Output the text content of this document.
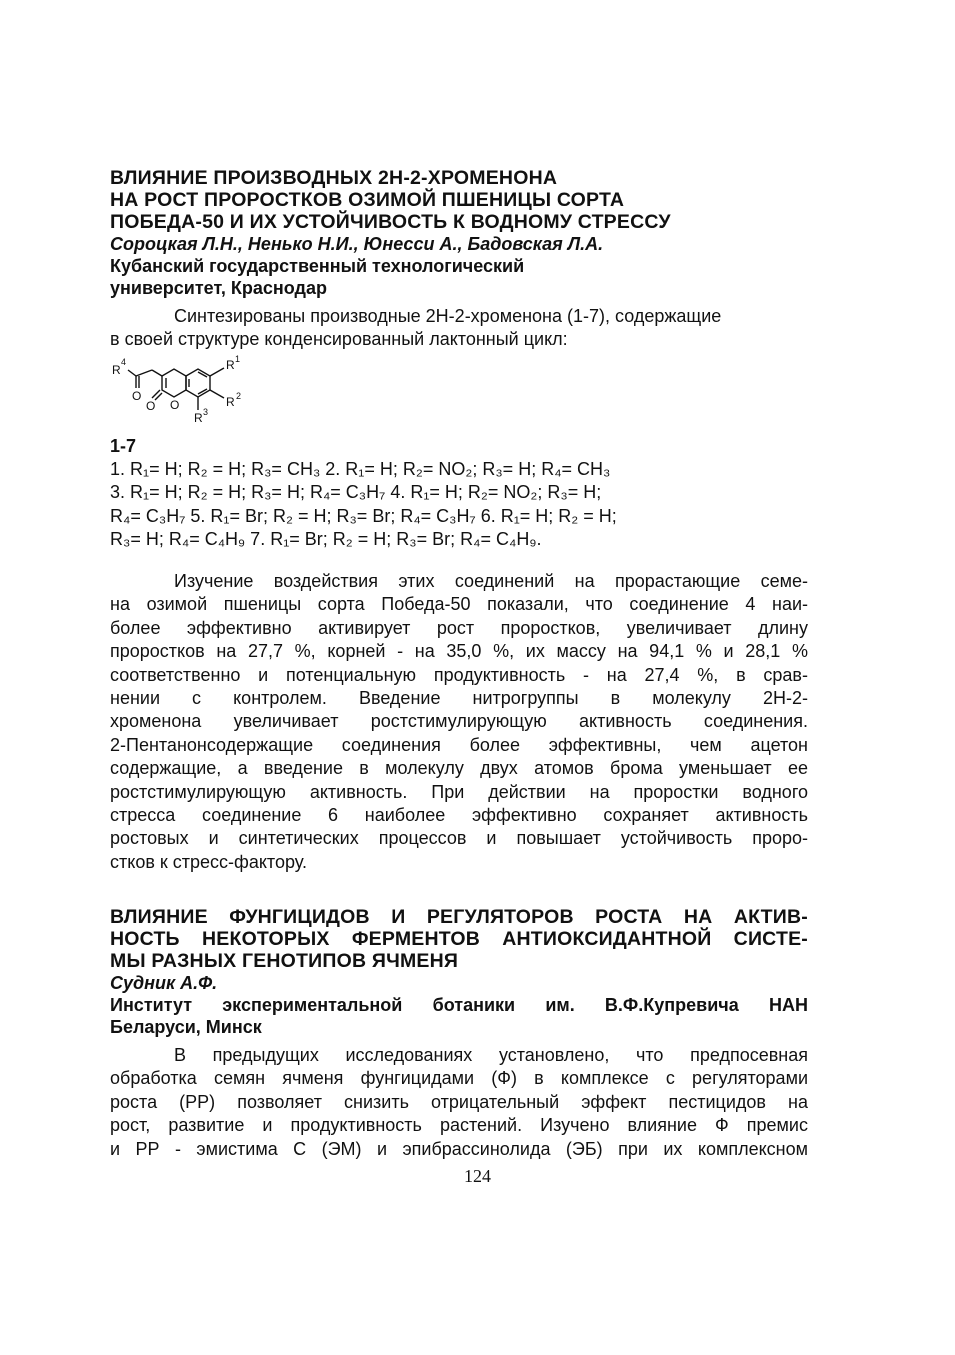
ВЛИЯНИЕ ПРОИЗВОДНЫХ 2Н-2-ХРОМЕНОНА
НА РОСТ ПРОРОСТКОВ ОЗИМОЙ ПШЕНИЦЫ СОРТА
ПОБЕДА-50 И ИХ УСТОЙЧИВОСТЬ К ВОДНОМУ СТРЕССУ
Сороцкая Л.Н., Ненько Н.И., Юнесси А., Бадовская Л.А.
Кубанский государственный технологический
университет, Краснодар
Синтезированы производные 2Н-2-хроменона (1-7), содержащие
в своей структуре конденсированный лактонный цикл:
R
4	R 1
R 2
R 3
O
O O
1-7
1. R₁= H; R₂ = H; R₃= CH₃ 2. R₁= H; R₂= NO₂; R₃= H; R₄= CH₃
3. R₁= H; R₂ = H; R₃= H; R₄= C₃H₇ 4. R₁= H; R₂= NO₂; R₃= H;
R₄= C₃H₇ 5. R₁= Br; R₂ = H; R₃= Br; R₄= C₃H₇ 6. R₁= H; R₂ = H;
R₃= H; R₄= C₄H₉ 7. R₁= Br; R₂ = H; R₃= Br; R₄= C₄H₉.
Изучение воздействия этих соединений на прорастающие семе-
на озимой пшеницы сорта Победа-50 показали, что соединение 4 наи-
более эффективно активирует рост проростков, увеличивает длину
проростков на 27,7 %, корней - на 35,0 %, их массу на 94,1 % и 28,1 %
соответственно и потенциальную продуктивность - на 27,4 %, в срав-
нении с контролем. Введение нитрогруппы в молекулу 2Н-2-
хроменона увеличивает ростстимулирующую активность соединения.
2-Пентанонсодержащие соединения более эффективны, чем ацетон
содержащие, а введение в молекулу двух атомов брома уменьшает ее
ростстимулирующую активность. При действии на проростки водного
стресса соединение 6 наиболее эффективно сохраняет активность
ростовых и синтетических процессов и повышает устойчивость проро-
стков к стресс-фактору.
ВЛИЯНИЕ ФУНГИЦИДОВ И РЕГУЛЯТОРОВ РОСТА НА АКТИВ-
НОСТЬ НЕКОТОРЫХ ФЕРМЕНТОВ АНТИОКСИДАНТНОЙ СИСТЕ-
МЫ РАЗНЫХ ГЕНОТИПОВ ЯЧМЕНЯ
Судник А.Ф.
Институт экспериментальной ботаники им. В.Ф.Купревича НАН
Беларуси, Минск
В предыдущих исследованиях установлено, что предпосевная
обработка семян ячменя фунгицидами (Ф) в комплексе с регуляторами
роста (РР) позволяет снизить отрицательный эффект пестицидов на
рост, развитие и продуктивность растений. Изучено влияние Ф премис
и РР - эмистима С (ЭМ) и эпибрассинолида (ЭБ) при их комплексном
124
